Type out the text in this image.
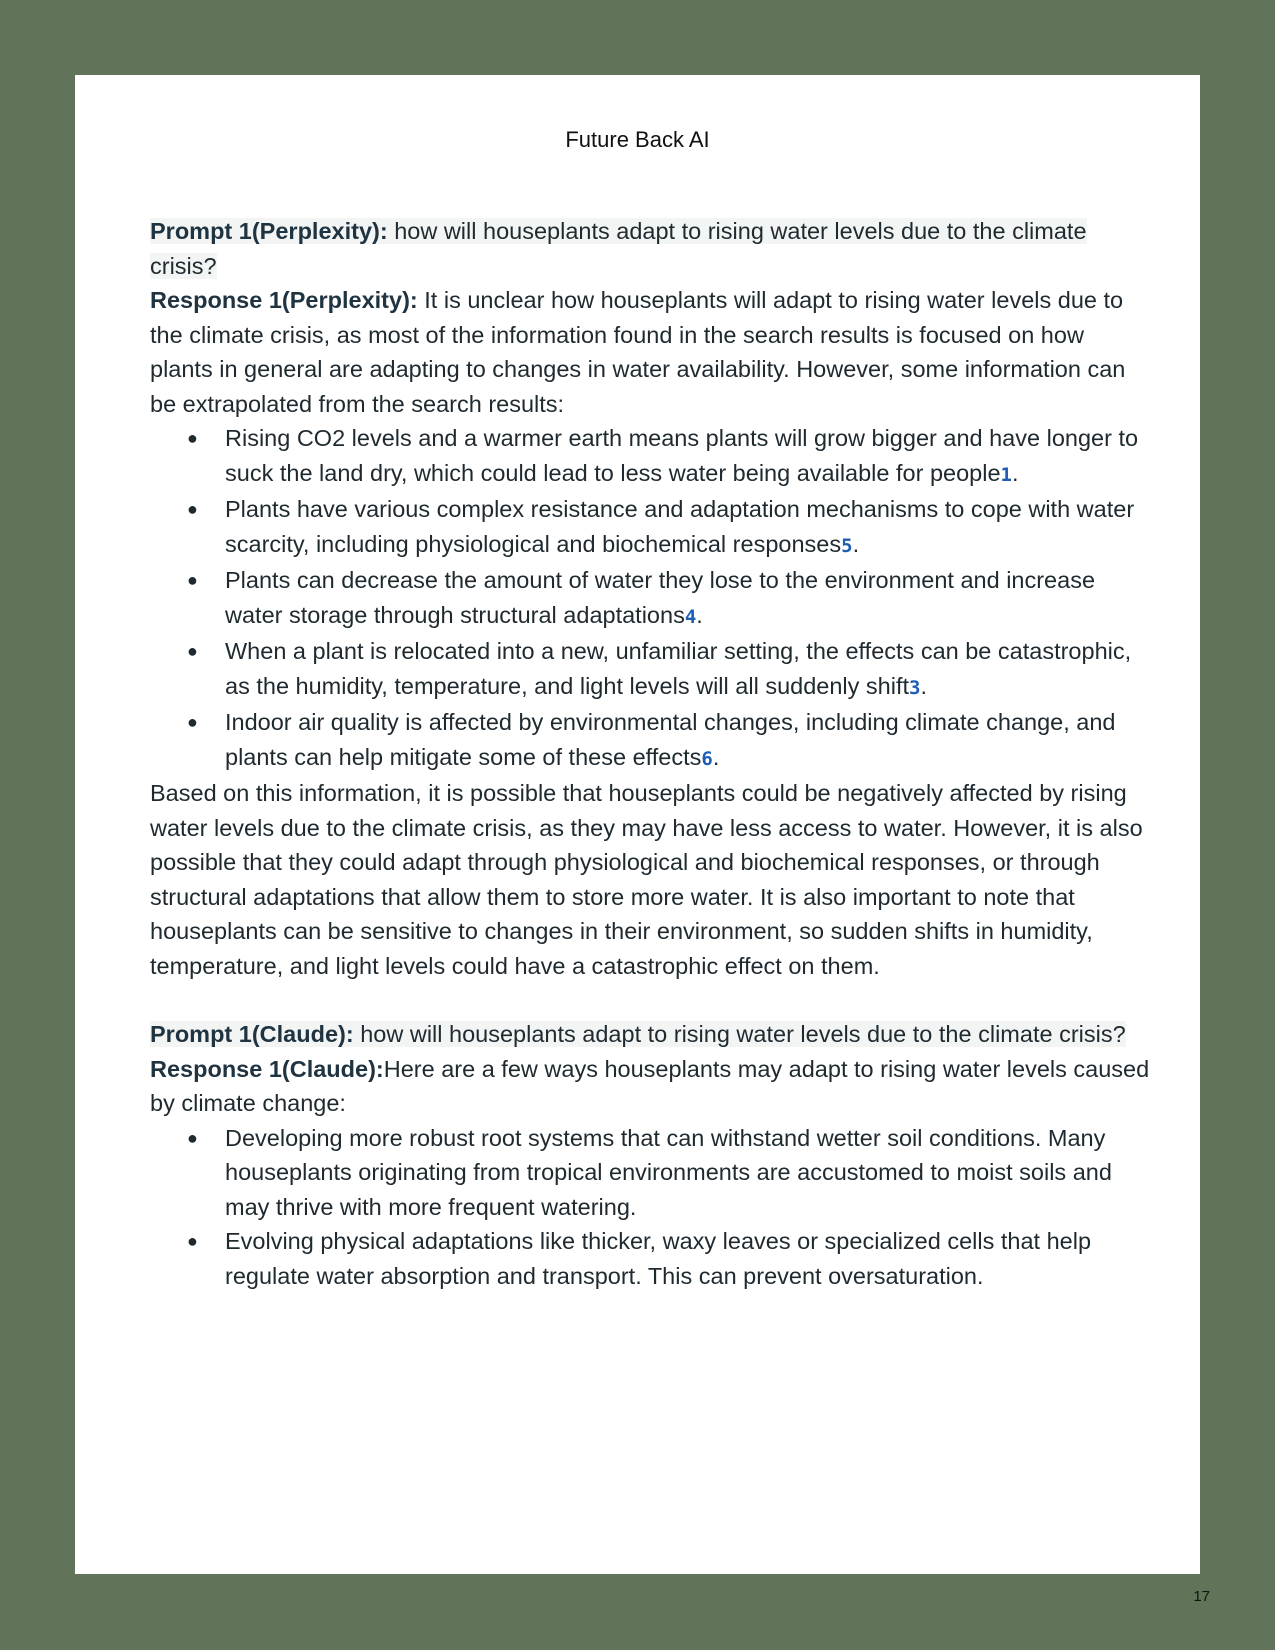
Future Back AI

Prompt 1(Perplexity): how will houseplants adapt to rising water levels due to the climate crisis?

Response 1(Perplexity): It is unclear how houseplants will adapt to rising water levels due to the climate crisis, as most of the information found in the search results is focused on how plants in general are adapting to changes in water availability. However, some information can be extrapolated from the search results:

● Rising CO2 levels and a warmer earth means plants will grow bigger and have longer to suck the land dry, which could lead to less water being available for people1.
● Plants have various complex resistance and adaptation mechanisms to cope with water scarcity, including physiological and biochemical responses5.
● Plants can decrease the amount of water they lose to the environment and increase water storage through structural adaptations4.
● When a plant is relocated into a new, unfamiliar setting, the effects can be catastrophic, as the humidity, temperature, and light levels will all suddenly shift3.
● Indoor air quality is affected by environmental changes, including climate change, and plants can help mitigate some of these effects6.

Based on this information, it is possible that houseplants could be negatively affected by rising water levels due to the climate crisis, as they may have less access to water. However, it is also possible that they could adapt through physiological and biochemical responses, or through structural adaptations that allow them to store more water. It is also important to note that houseplants can be sensitive to changes in their environment, so sudden shifts in humidity, temperature, and light levels could have a catastrophic effect on them.

Prompt 1(Claude): how will houseplants adapt to rising water levels due to the climate crisis?

Response 1(Claude):Here are a few ways houseplants may adapt to rising water levels caused by climate change:

● Developing more robust root systems that can withstand wetter soil conditions. Many houseplants originating from tropical environments are accustomed to moist soils and may thrive with more frequent watering.
● Evolving physical adaptations like thicker, waxy leaves or specialized cells that help regulate water absorption and transport. This can prevent oversaturation.
17
